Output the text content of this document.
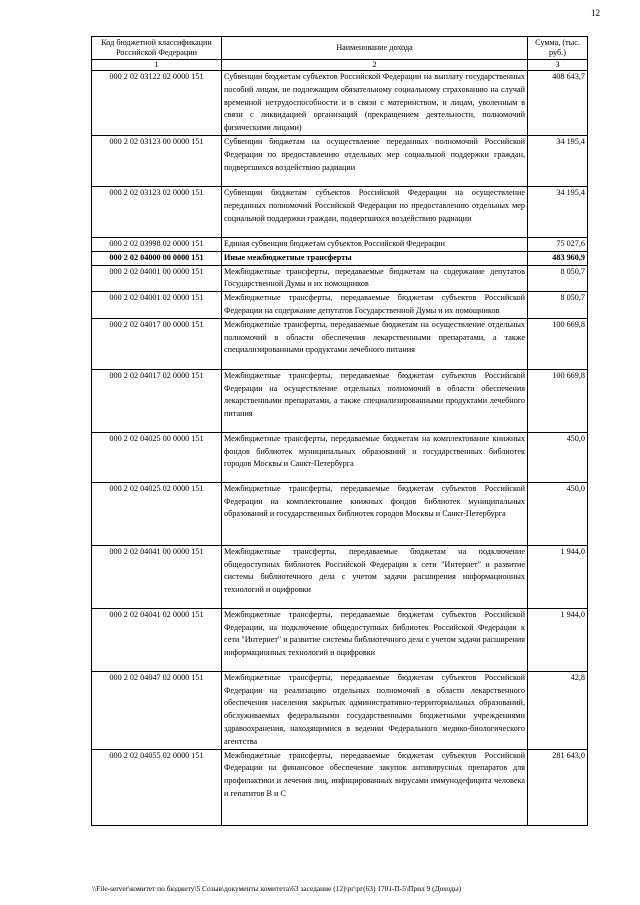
12
Код бюджетной классификации Российской Федерации	Наименование дохода	Сумма, (тыс. руб.)
1	2	3
000 2 02 03122 02 0000 151	Субвенции бюджетам субъектов Российской Федерации на выплату государственных пособий лицам, не подлежащим обязательному социальному страхованию на случай временной нетрудоспособности и в связи с материнством, и лицам, уволенным в связи с ликвидацией организаций (прекращением деятельности, полномочий физическими лицами)	408 643,7
000 2 02 03123 00 0000 151	Субвенции бюджетам на осуществление переданных полномочий Российской Федерации по предоставлению отдельных мер социальной поддержки граждан, подвергшихся воздействию радиации	34 195,4
000 2 02 03123 02 0000 151	Субвенции бюджетам субъектов Российской Федерации на осуществление переданных полномочий Российской Федерации по предоставлению отдельных мер социальной поддержки граждан, подвергшихся воздействию радиации	34 195,4
000 2 02 03998 02 0000 151	Единая субвенция бюджетам субъектов Российской Федерации	75 027,6
000 2 02 04000 00 0000 151	Иные межбюджетные трансферты	483 960,9
000 2 02 04001 00 0000 151	Межбюджетные трансферты, передаваемые бюджетам на содержание депутатов Государственной Думы и их помощников	8 050,7
000 2 02 04001 02 0000 151	Межбюджетные трансферты, передаваемые бюджетам субъектов Российской Федерации на содержание депутатов Государственной Думы и их помощников	8 050,7
000 2 02 04017 00 0000 151	Межбюджетные трансферты, передаваемые бюджетам на осуществление отдельных полномочий в области обеспечения лекарственными препаратами, а также специализированными продуктами лечебного питания	100 669,8
000 2 02 04017 02 0000 151	Межбюджетные трансферты, передаваемые бюджетам субъектов Российской Федерации на осуществление отдельных полномочий в области обеспечения лекарственными препаратами, а также специализированными продуктами лечебного питания	100 669,8
000 2 02 04025 00 0000 151	Межбюджетные трансферты, передаваемые бюджетам на комплектование книжных фондов библиотек муниципальных образований и государственных библиотек городов Москвы и Санкт-Петербурга	450,0
000 2 02 04025 02 0000 151	Межбюджетные трансферты, передаваемые бюджетам субъектов Российской Федерации на комплектование книжных фондов библиотек муниципальных образований и государственных библиотек городов Москвы и Санкт-Петербурга	450,0
000 2 02 04041 00 0000 151	Межбюджетные трансферты, передаваемые бюджетам на подключение общедоступных библиотек Российской Федерации к сети "Интернет" и развитие системы библиотечного дела с учетом задачи расширения информационных технологий и оцифровки	1 944,0
000 2 02 04041 02 0000 151	Межбюджетные трансферты, передаваемые бюджетам субъектов Российской Федерации, на подключение общедоступных библиотек Российской Федерации к сети "Интернет" и развитие системы библиотечного дела с учетом задачи расширения информационных технологий и оцифровки	1 944,0
000 2 02 04047 02 0000 151	Межбюджетные трансферты, передаваемые бюджетам субъектов Российской Федерации на реализацию отдельных полномочий в области лекарственного обеспечения населения закрытых административно-территориальных образований, обслуживаемых федеральными государственными бюджетными учреждениями здравоохранения, находящимися в ведении Федерального медико-биологического агентства	42,8
000 2 02 04055 02 0000 151	Межбюджетные трансферты, передаваемые бюджетам субъектов Российской Федерации на финансовое обеспечение закупок антивирусных препаратов для профилактики и лечения лиц, инфицированных вирусами иммунодефицита человека и гепатитов В и С	281 643,0
\\File-server\комитет по бюджету\5 Созыв\документы комитета\63 заседание (12)\рг\рг(63) 1701-П-5\Прил 9 (Доходы)
